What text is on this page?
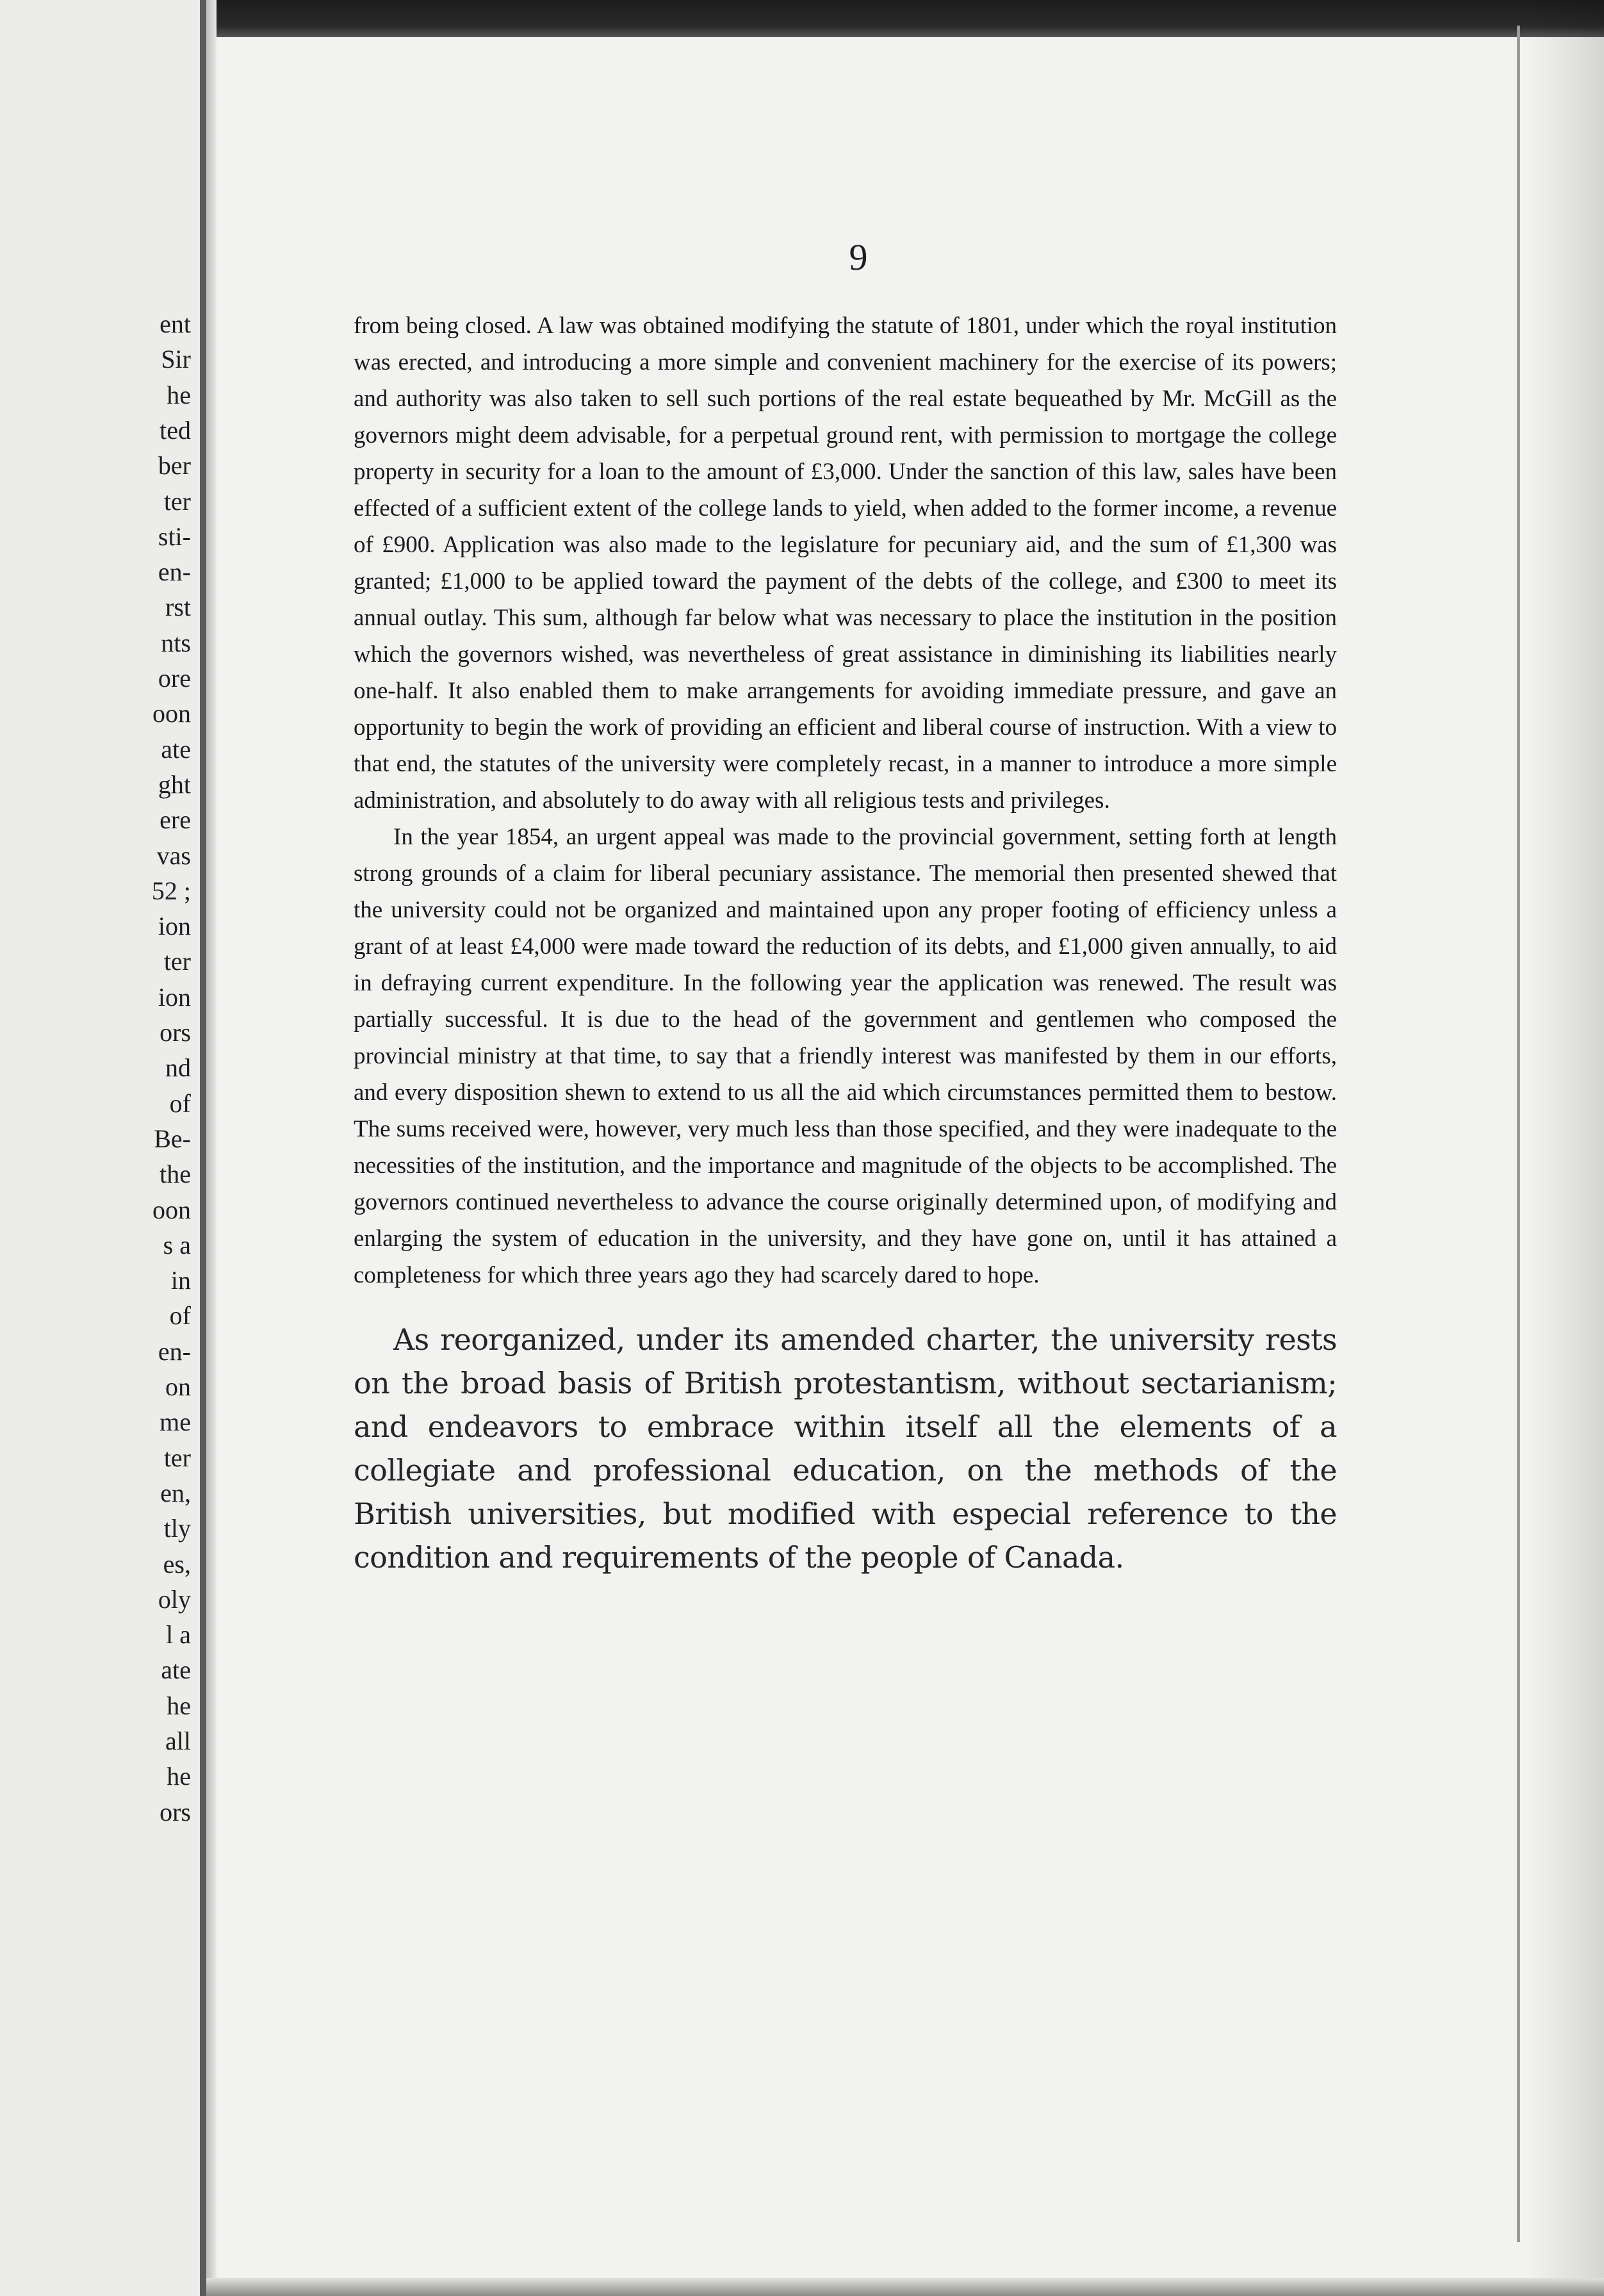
ent
Sir
he
ted
ber
ter
sti-
en-
rst
nts
ore
oon
ate
ght
ere
vas
52 ;
ion
ter
ion
ors
nd
of
Be-
the
oon
s a
in
of
en-
on
me
ter
en,
tly
es,
oly
l a
ate
he
all
he
ors
9

from being closed. A law was obtained modifying the statute of 1801, under which the royal institution was erected, and introducing a more simple and convenient machinery for the exercise of its powers; and authority was also taken to sell such portions of the real estate bequeathed by Mr. McGill as the governors might deem advisable, for a perpetual ground rent, with permission to mortgage the college property in security for a loan to the amount of £3,000. Under the sanction of this law, sales have been effected of a sufficient extent of the college lands to yield, when added to the former income, a revenue of £900. Application was also made to the legislature for pecuniary aid, and the sum of £1,300 was granted; £1,000 to be applied toward the payment of the debts of the college, and £300 to meet its annual outlay. This sum, although far below what was necessary to place the institution in the position which the governors wished, was nevertheless of great assistance in diminishing its liabilities nearly one-half. It also enabled them to make arrangements for avoiding immediate pressure, and gave an opportunity to begin the work of providing an efficient and liberal course of instruction. With a view to that end, the statutes of the university were completely recast, in a manner to introduce a more simple administration, and absolutely to do away with all religious tests and privileges.

In the year 1854, an urgent appeal was made to the provincial government, setting forth at length strong grounds of a claim for liberal pecuniary assistance. The memorial then presented shewed that the university could not be organized and maintained upon any proper footing of efficiency unless a grant of at least £4,000 were made toward the reduction of its debts, and £1,000 given annually, to aid in defraying current expenditure. In the following year the application was renewed. The result was partially successful. It is due to the head of the government and gentlemen who composed the provincial ministry at that time, to say that a friendly interest was manifested by them in our efforts, and every disposition shewn to extend to us all the aid which circumstances permitted them to bestow. The sums received were, however, very much less than those specified, and they were inadequate to the necessities of the institution, and the importance and magnitude of the objects to be accomplished. The governors continued nevertheless to advance the course originally determined upon, of modifying and enlarging the system of education in the university, and they have gone on, until it has attained a completeness for which three years ago they had scarcely dared to hope.

As reorganized, under its amended charter, the university rests on the broad basis of British protestantism, without sectarianism; and endeavors to embrace within itself all the elements of a collegiate and professional education, on the methods of the British universities, but modified with especial reference to the condition and requirements of the people of Canada.
